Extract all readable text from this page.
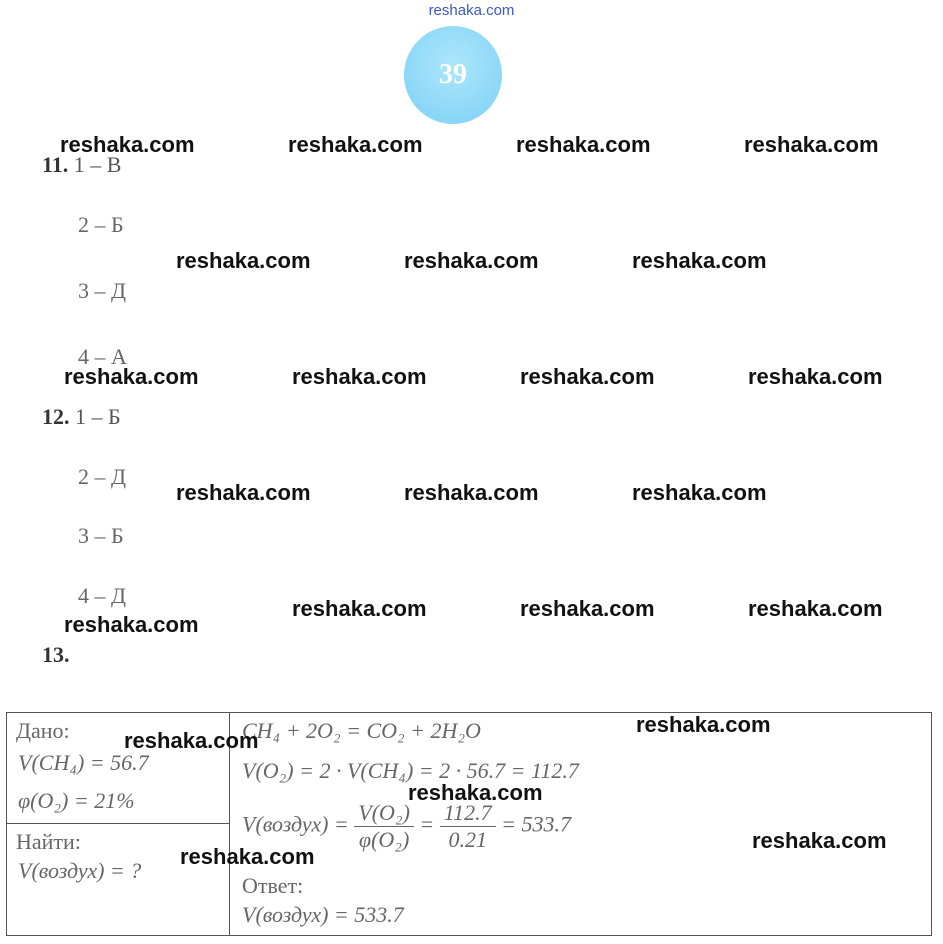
reshaka.com
39
11. 1 – В
2 – Б
3 – Д
4 – А
12. 1 – Б
2 – Д
3 – Б
4 – Д
13.

Дано:
V(CH₄) = 56.7
φ(O₂) = 21%
Найти:
V(воздух) = ?
CH₄ + 2O₂ = CO₂ + 2H₂O
V(O₂) = 2 · V(CH₄) = 2 · 56.7 = 112.7
V(воздух) = $\frac{\text{V(O₂)}}{\text{φ(O₂)}} = \frac{112.7}{0.21} = 533.7$
Ответ:
V(воздух) = 533.7
reshaka.com	reshaka.com	reshaka.com	reshaka.com
reshaka.com	reshaka.com	reshaka.com
reshaka.com	reshaka.com	reshaka.com	reshaka.com
reshaka.com	reshaka.com	reshaka.com
reshaka.com	reshaka.com	reshaka.com
reshaka.com
reshaka.com
reshaka.com
reshaka.com
reshaka.com
reshaka.com
